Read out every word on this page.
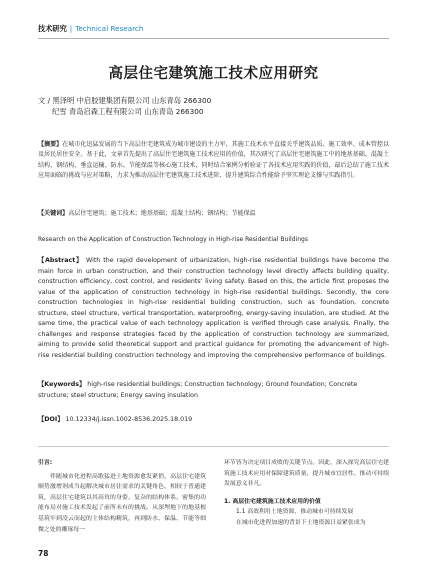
技术研究 | Technical Research
高层住宅建筑施工技术应用研究
文 / 黑泽明 中启胶建集团有限公司 山东青岛 266300
纪雪 青岛启森工程有限公司 山东青岛 266300
【摘要】在城市化迅猛发展的当下高层住宅建筑成为城市建设的主力军，其施工技术水平直接关乎建筑品质、施工效率、成本管控以及居民居住安全。基于此，文章首先提出了高层住宅建筑施工技术应用的价值，其次研究了高层住宅建筑施工中的地基基础、混凝土结构、钢结构、垂直运输、防水、节能保温等核心施工技术，同时结合案例分析验证了各技术应用实践的价值，最后总结了施工技术应用面临的挑战与应对策略，力求为推动高层住宅建筑施工技术进阶、提升建筑综合性能给予坚实理论支撑与实践指引。
【关键词】高层住宅建筑；施工技术；地基基础；混凝土结构；钢结构；节能保温
Research on the Application of Construction Technology in High-rise Residential Buildings
【Abstract】 With the rapid development of urbanization, high-rise residential buildings have become the main force in urban construction, and their construction technology level directly affects building quality, construction efficiency, cost control, and residents' living safety. Based on this, the article first proposes the value of the application of construction technology in high-rise residential buildings. Secondly, the core construction technologies in high-rise residential building construction, such as foundation, concrete structure, steel structure, vertical transportation, waterproofing, energy-saving insulation, are studied. At the same time, the practical value of each technology application is verified through case analysis. Finally, the challenges and response strategies faced by the application of construction technology are summarized, aiming to provide solid theoretical support and practical guidance for promoting the advancement of high-rise residential building construction technology and improving the comprehensive performance of buildings.
【Keywords】 high-rise residential buildings; Construction technology; Ground foundation; Concrete structure; steel structure; Energy saving insulation
【DOI】 10.12334/j.issn.1002-8536.2025.18.019

引言:

伴随城市化进程高歌猛进土地资源愈发紧俏，高层住宅建筑顺势激增剂成当起解决城市居住需求的关键角色。相较于普通建筑，高层住宅建筑以其高耸的身姿、复杂的结构体系、密集的功能布局对施工技术发起了前所未有的挑战。从深埋地下的地基根基筑牢到凌云而起的主体结构精筑，再到防水、保温、节能等细微之处的雕琢每一

环节皆为决定项目成败的关键节点。因此，深入探究高层住宅建筑施工技术应用对保障建筑质量、提升城市宜居性、推动可持续发展意义非凡。

1. 高层住宅建筑施工技术应用的价值

1.1 高效利用土地资源，推动城市可持续发展

在城市化进程加速的背景下土地资源日益紧张成为

78
